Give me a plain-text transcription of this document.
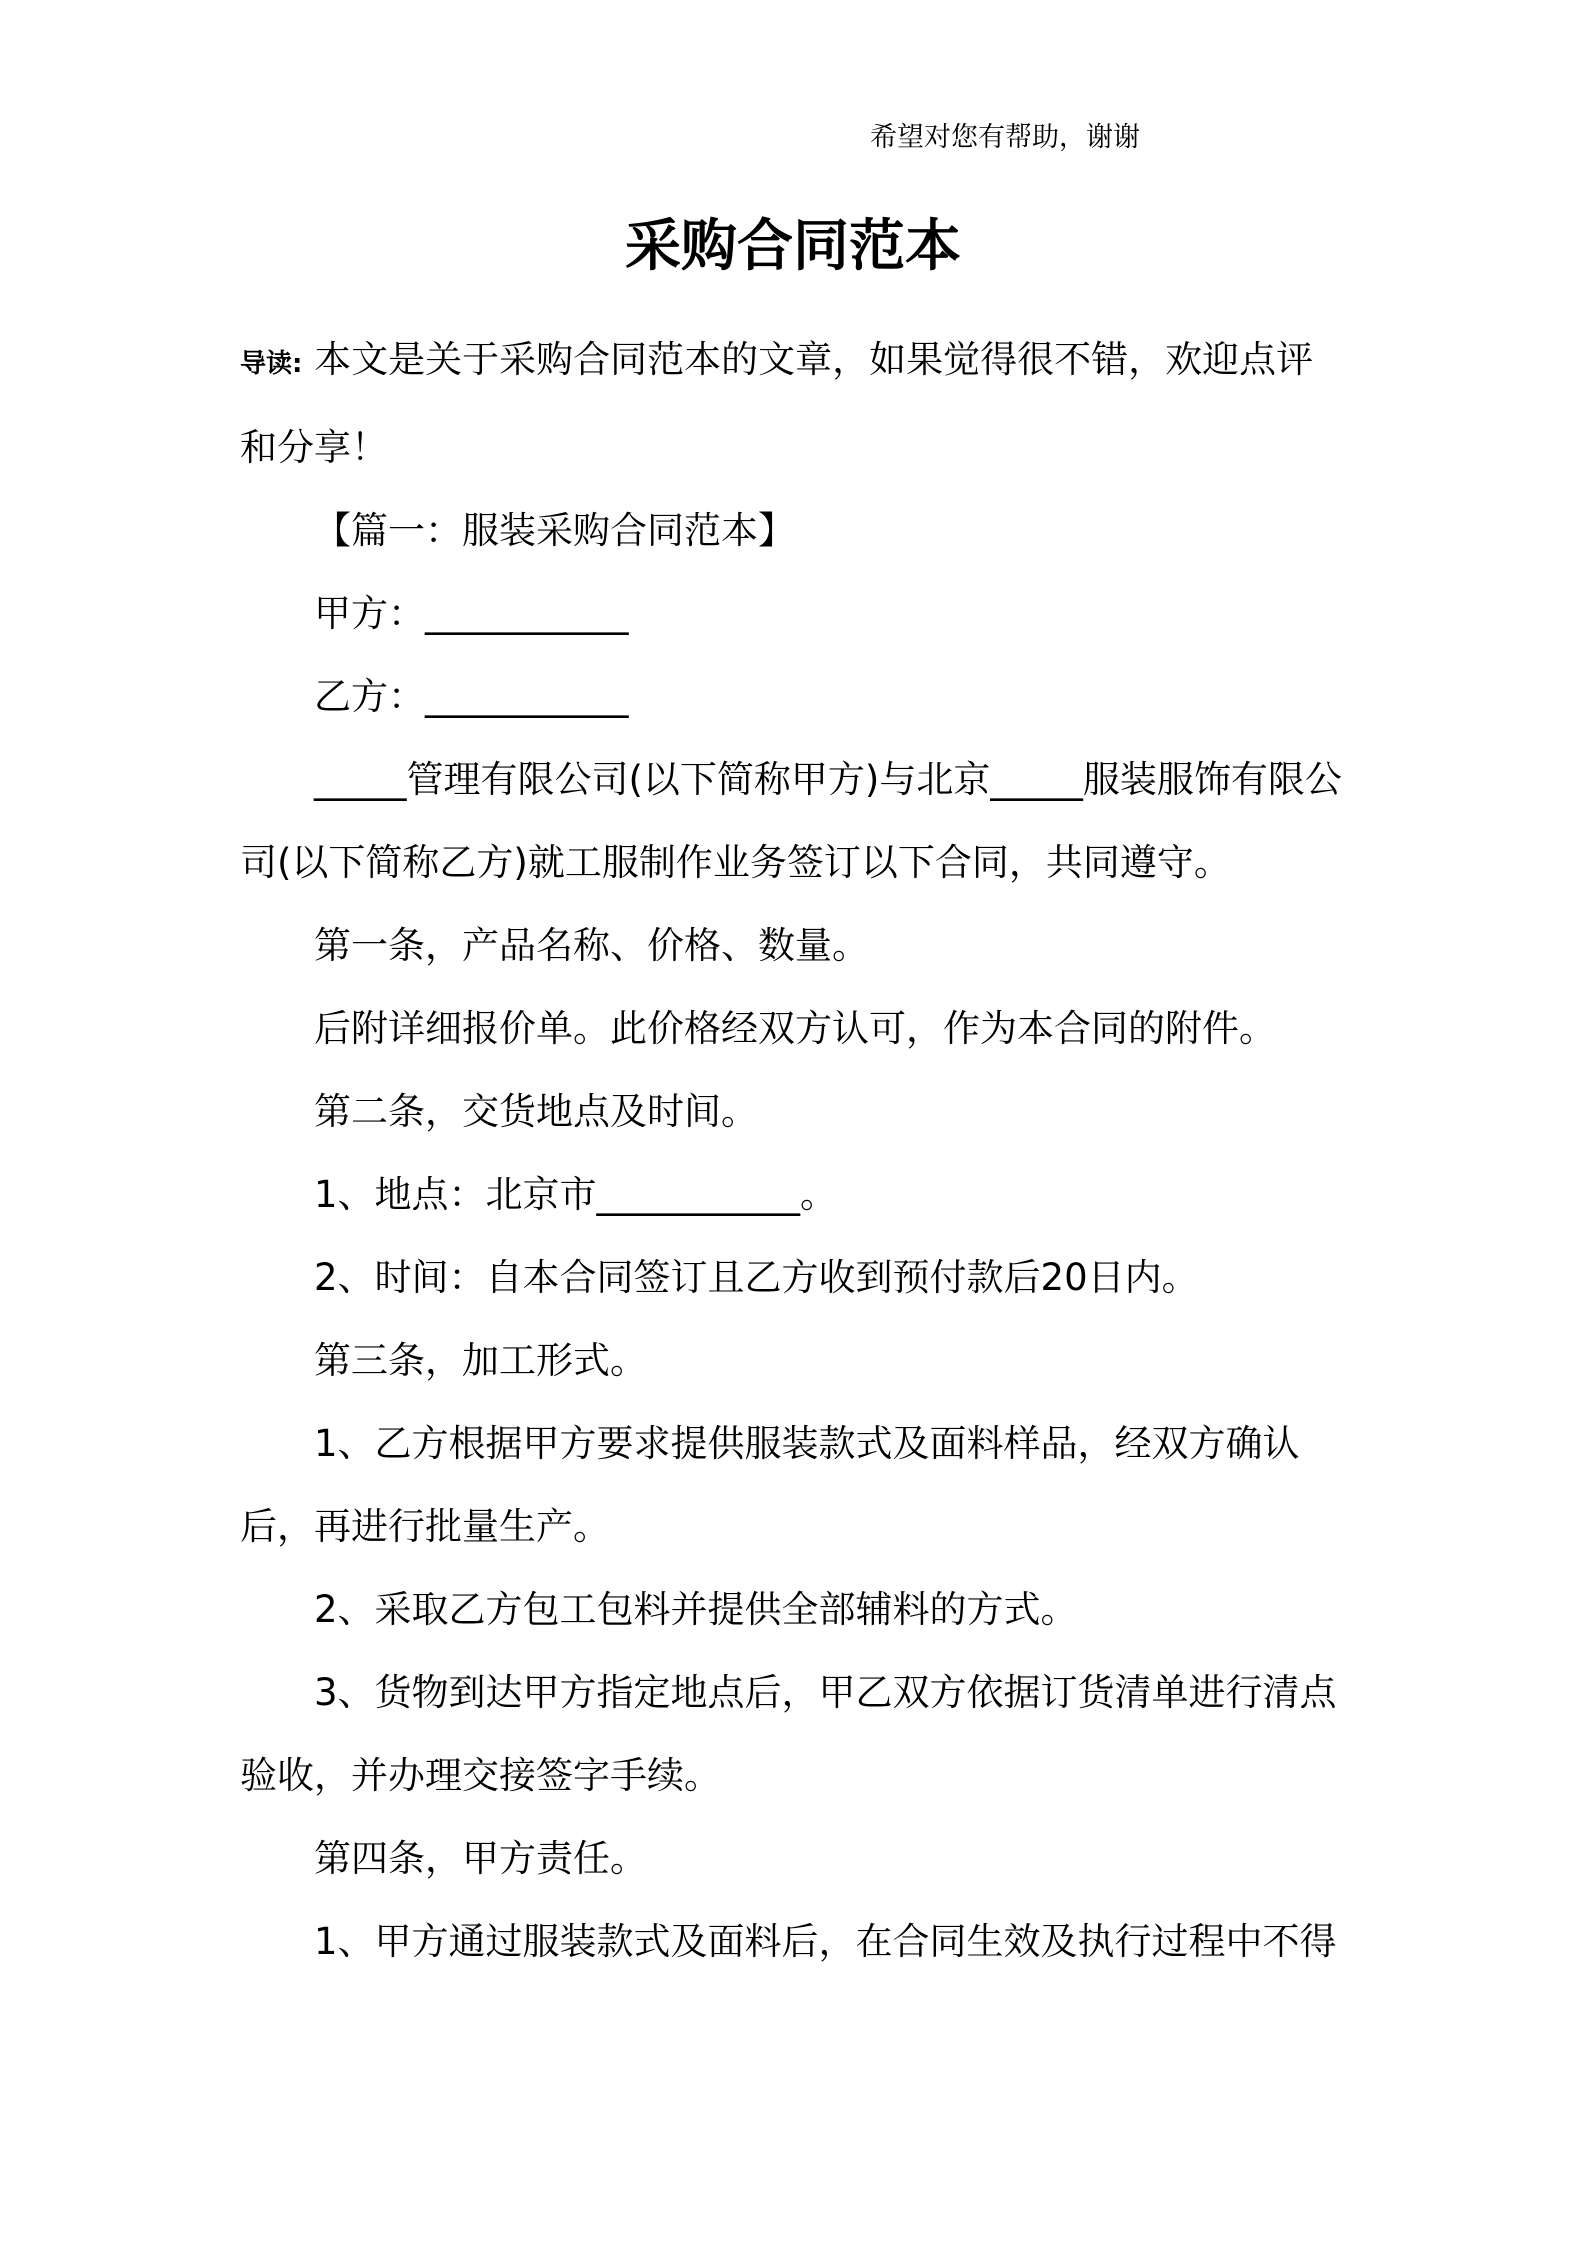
希望对您有帮助，谢谢
采购合同范本

导读: 本文是关于采购合同范本的文章，如果觉得很不错，欢迎点评和分享！

【篇一：服装采购合同范本】

甲方：___________

乙方：___________

_____管理有限公司(以下简称甲方)与北京_____服装服饰有限公司(以下简称乙方)就工服制作业务签订以下合同，共同遵守。

第一条，产品名称、价格、数量。

后附详细报价单。此价格经双方认可，作为本合同的附件。

第二条，交货地点及时间。

1、地点：北京市___________。

2、时间：自本合同签订且乙方收到预付款后20日内。

第三条，加工形式。

1、乙方根据甲方要求提供服装款式及面料样品，经双方确认后，再进行批量生产。

2、采取乙方包工包料并提供全部辅料的方式。

3、货物到达甲方指定地点后，甲乙双方依据订货清单进行清点验收，并办理交接签字手续。

第四条，甲方责任。

1、甲方通过服装款式及面料后，在合同生效及执行过程中不得
